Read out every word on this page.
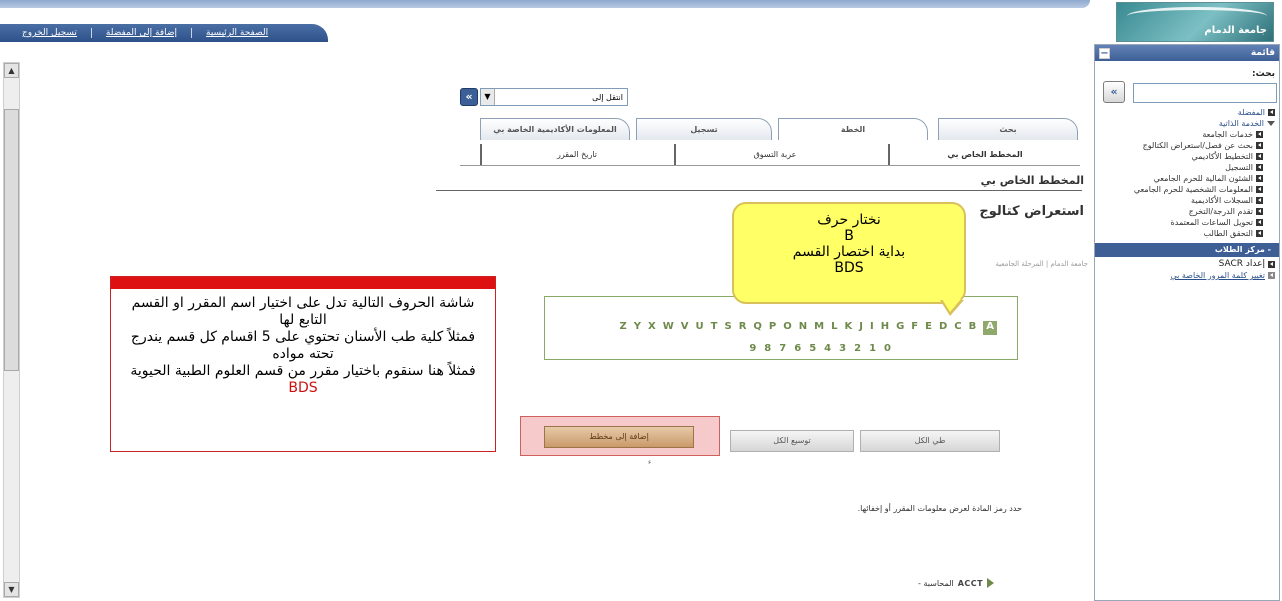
تسجيل الخروج	إضافة إلى المفضلة	الصفحة الرئيسية	جامعة الدمام
▲
▼
«	▼	انتقل إلى
بحث
الخطة
تسجيل
المعلومات الأكاديمية الخاصة بي
المخطط الخاص بي
عربة التسوق
تاريخ المقرر
المخطط الخاص بي
استعراض كتالوج
جامعة الدمام | المرحلة الجامعية
A
B
C
D
E
F
G
H
I
J
K
L
M
N
O
P
Q
R
S
T
U
V
W
X
Y
Z
0
1
2
3
4
5
6
7
8
9
إضافة إلى مخطط	توسيع الكل	طي الكل
ء
حدد رمز المادة لعرض معلومات المقرر أو إخفائها.
- المحاسبة ACCT
شاشة الحروف التالية تدل على اختيار اسم المقرر او القسم التابع لها
فمثلاً كلية طب الأسنان تحتوي على 5 اقسام كل قسم يندرج تحته مواده
فمثلاً هنا سنقوم باختيار مقرر من قسم العلوم الطبية الحيوية
BDS
نختار حرف
B
بداية اختصار القسم
BDS
قائمة
−
بحث:
«
المفضلة
الخدمة الذاتية
خدمات الجامعة
بحث عن فصل/استعراض الكتالوج
التخطيط الأكاديمي
التسجيل
الشئون المالية للحرم الجامعي
المعلومات الشخصية للحرم الجامعي
السجلات الأكاديمية
تقدم الدرجة/التخرج
تحويل الساعات المعتمدة
التحقق الطالب
- مركز الطلاب
إعداد SACR
تغيير كلمة المرور الخاصة بي
